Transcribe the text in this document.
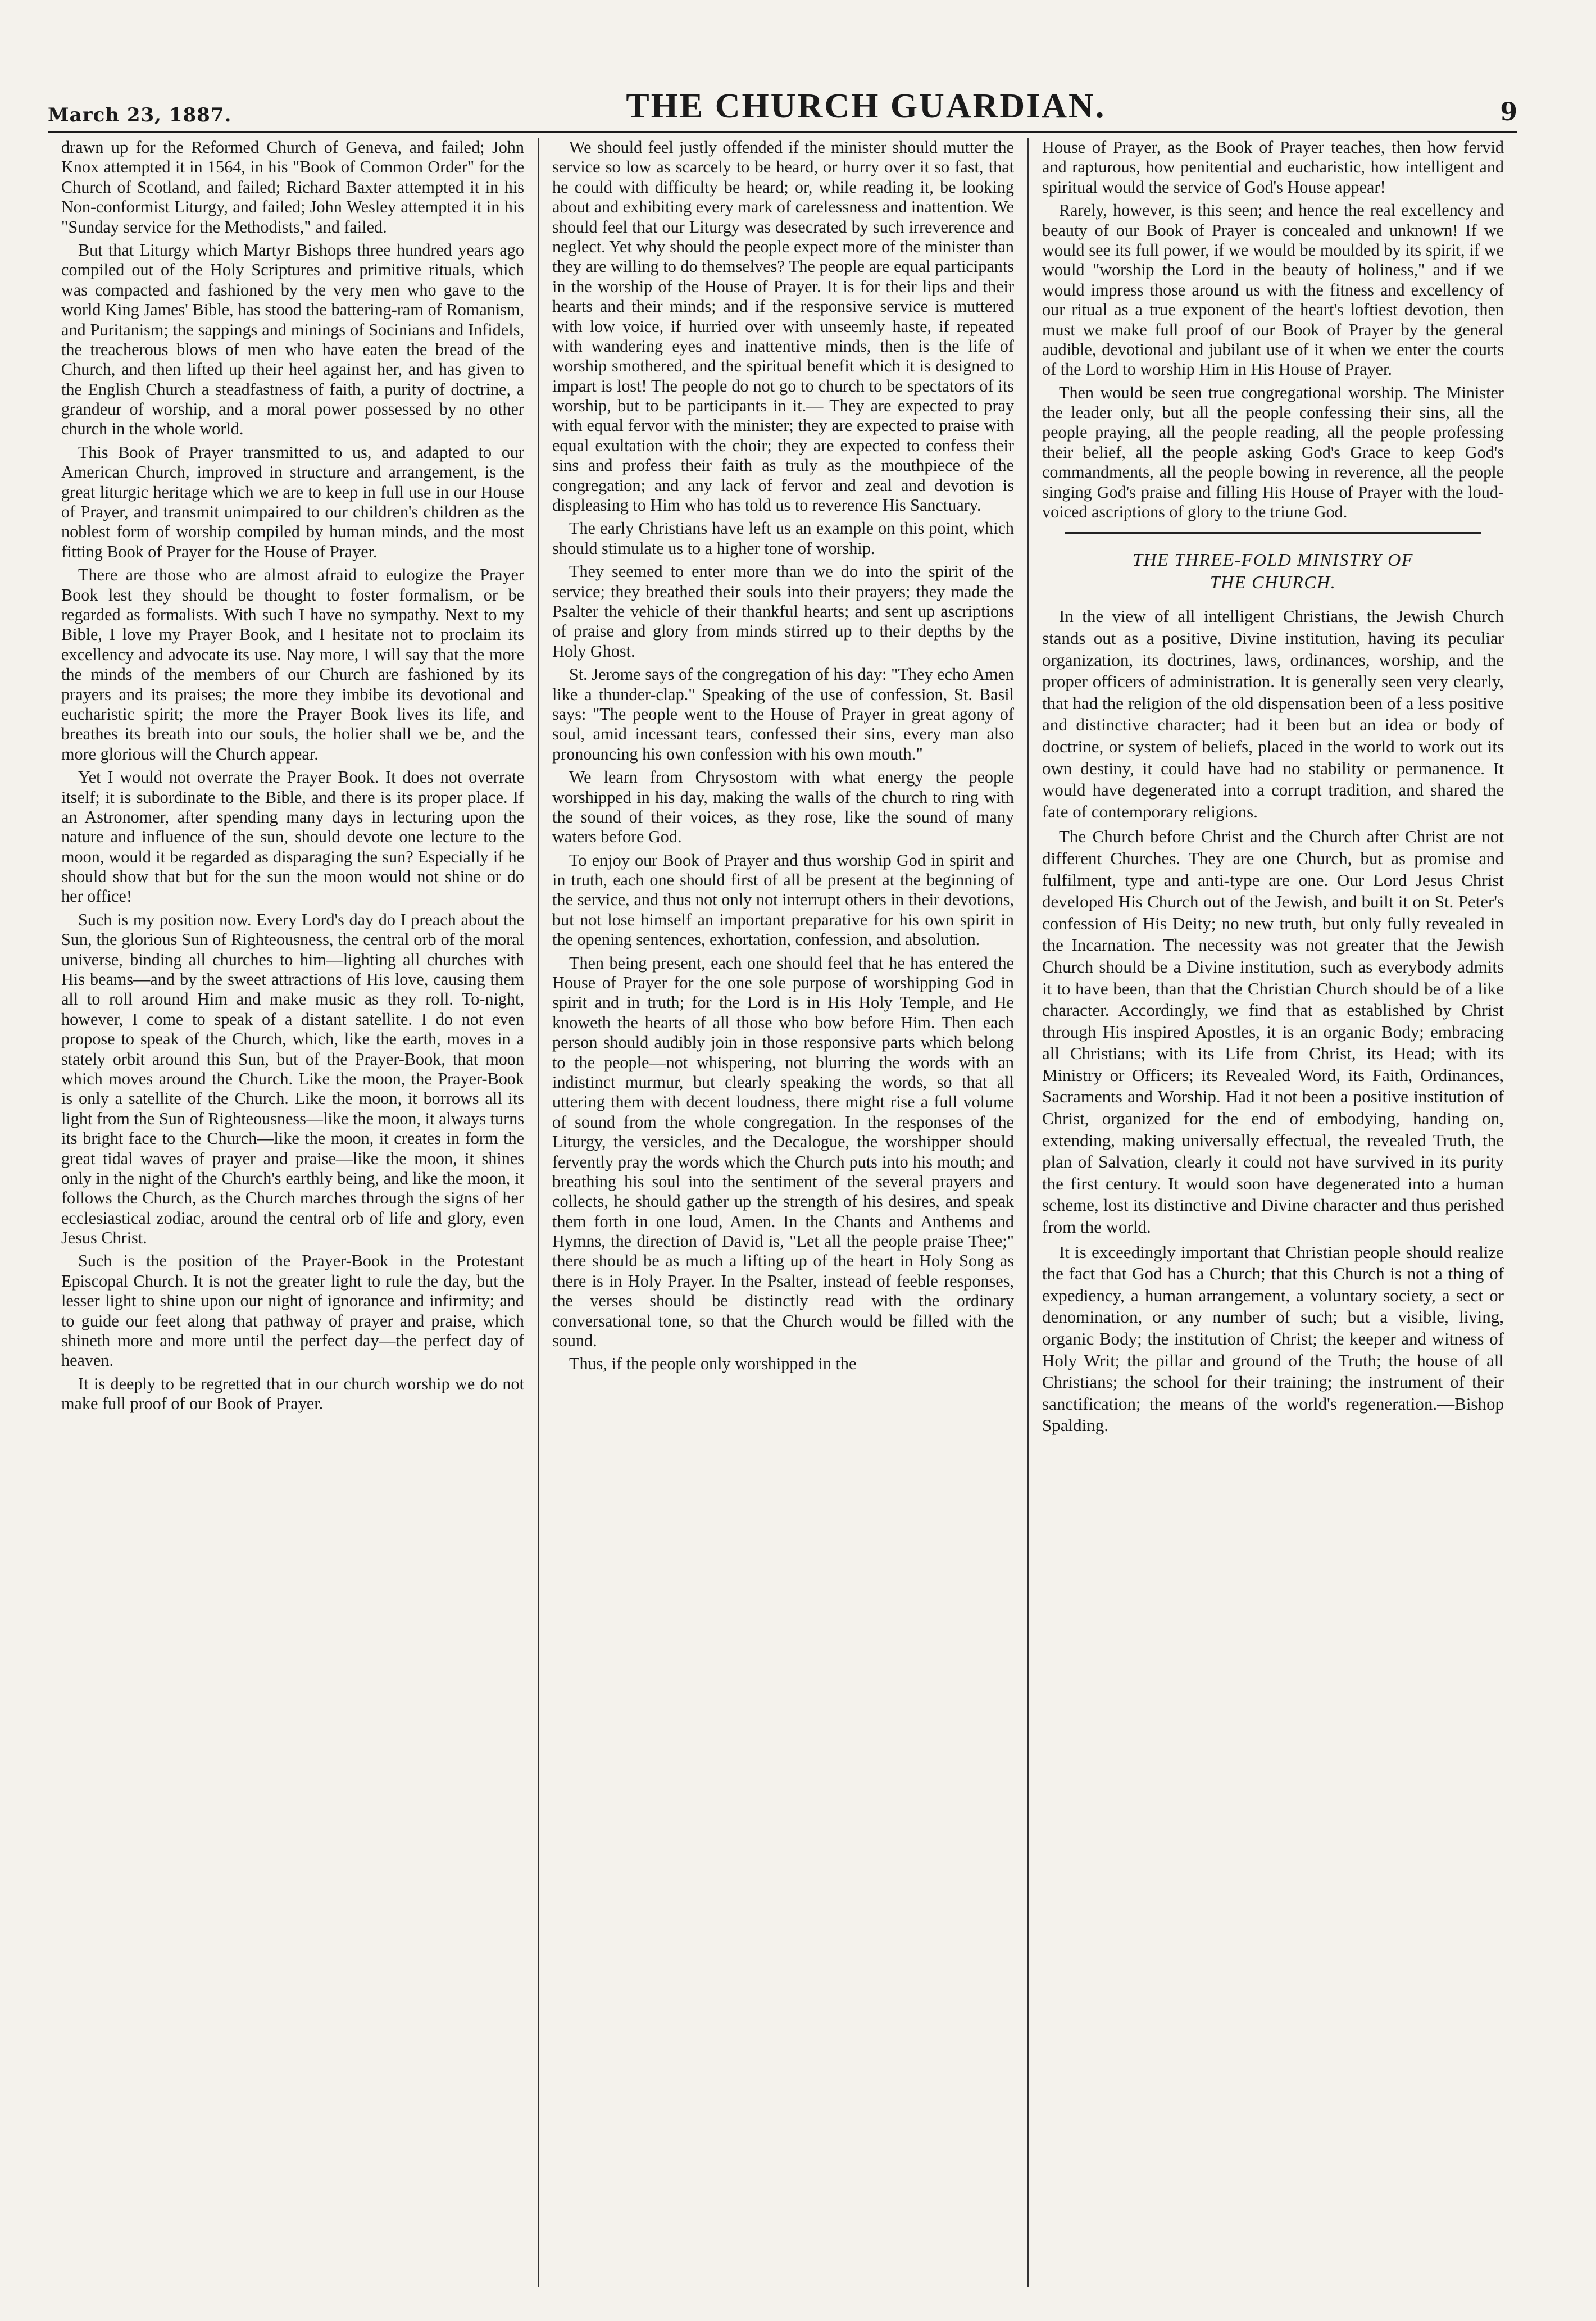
March 23, 1887.	THE CHURCH GUARDIAN.	9

drawn up for the Reformed Church of Geneva, and failed; John Knox attempted it in 1564, in his "Book of Common Order" for the Church of Scotland, and failed; Richard Baxter attempted it in his Non-conformist Liturgy, and failed; John Wesley attempted it in his "Sunday service for the Methodists," and failed.

But that Liturgy which Martyr Bishops three hundred years ago compiled out of the Holy Scriptures and primitive rituals, which was compacted and fashioned by the very men who gave to the world King James' Bible, has stood the battering-ram of Romanism, and Puritanism; the sappings and minings of Socinians and Infidels, the treacherous blows of men who have eaten the bread of the Church, and then lifted up their heel against her, and has given to the English Church a steadfastness of faith, a purity of doctrine, a grandeur of worship, and a moral power possessed by no other church in the whole world.

This Book of Prayer transmitted to us, and adapted to our American Church, improved in structure and arrangement, is the great liturgic heritage which we are to keep in full use in our House of Prayer, and transmit unimpaired to our children's children as the noblest form of worship compiled by human minds, and the most fitting Book of Prayer for the House of Prayer.

There are those who are almost afraid to eulogize the Prayer Book lest they should be thought to foster formalism, or be regarded as formalists. With such I have no sympathy. Next to my Bible, I love my Prayer Book, and I hesitate not to proclaim its excellency and advocate its use. Nay more, I will say that the more the minds of the members of our Church are fashioned by its prayers and its praises; the more they imbibe its devotional and eucharistic spirit; the more the Prayer Book lives its life, and breathes its breath into our souls, the holier shall we be, and the more glorious will the Church appear.

Yet I would not overrate the Prayer Book. It does not overrate itself; it is subordinate to the Bible, and there is its proper place. If an Astronomer, after spending many days in lecturing upon the nature and influence of the sun, should devote one lecture to the moon, would it be regarded as disparaging the sun? Especially if he should show that but for the sun the moon would not shine or do her office!

Such is my position now. Every Lord's day do I preach about the Sun, the glorious Sun of Righteousness, the central orb of the moral universe, binding all churches to him—lighting all churches with His beams—and by the sweet attractions of His love, causing them all to roll around Him and make music as they roll. To-night, however, I come to speak of a distant satellite. I do not even propose to speak of the Church, which, like the earth, moves in a stately orbit around this Sun, but of the Prayer-Book, that moon which moves around the Church. Like the moon, the Prayer-Book is only a satellite of the Church. Like the moon, it borrows all its light from the Sun of Righteousness—like the moon, it always turns its bright face to the Church—like the moon, it creates in form the great tidal waves of prayer and praise—like the moon, it shines only in the night of the Church's earthly being, and like the moon, it follows the Church, as the Church marches through the signs of her ecclesiastical zodiac, around the central orb of life and glory, even Jesus Christ.

Such is the position of the Prayer-Book in the Protestant Episcopal Church. It is not the greater light to rule the day, but the lesser light to shine upon our night of ignorance and infirmity; and to guide our feet along that pathway of prayer and praise, which shineth more and more until the perfect day—the perfect day of heaven.

It is deeply to be regretted that in our church worship we do not make full proof of our Book of Prayer.

We should feel justly offended if the minister should mutter the service so low as scarcely to be heard, or hurry over it so fast, that he could with difficulty be heard; or, while reading it, be looking about and exhibiting every mark of carelessness and inattention. We should feel that our Liturgy was desecrated by such irreverence and neglect. Yet why should the people expect more of the minister than they are willing to do themselves? The people are equal participants in the worship of the House of Prayer. It is for their lips and their hearts and their minds; and if the responsive service is muttered with low voice, if hurried over with unseemly haste, if repeated with wandering eyes and inattentive minds, then is the life of worship smothered, and the spiritual benefit which it is designed to impart is lost! The people do not go to church to be spectators of its worship, but to be participants in it.— They are expected to pray with equal fervor with the minister; they are expected to praise with equal exultation with the choir; they are expected to confess their sins and profess their faith as truly as the mouthpiece of the congregation; and any lack of fervor and zeal and devotion is displeasing to Him who has told us to reverence His Sanctuary.

The early Christians have left us an example on this point, which should stimulate us to a higher tone of worship.

They seemed to enter more than we do into the spirit of the service; they breathed their souls into their prayers; they made the Psalter the vehicle of their thankful hearts; and sent up ascriptions of praise and glory from minds stirred up to their depths by the Holy Ghost.

St. Jerome says of the congregation of his day: "They echo Amen like a thunder-clap." Speaking of the use of confession, St. Basil says: "The people went to the House of Prayer in great agony of soul, amid incessant tears, confessed their sins, every man also pronouncing his own confession with his own mouth."

We learn from Chrysostom with what energy the people worshipped in his day, making the walls of the church to ring with the sound of their voices, as they rose, like the sound of many waters before God.

To enjoy our Book of Prayer and thus worship God in spirit and in truth, each one should first of all be present at the beginning of the service, and thus not only not interrupt others in their devotions, but not lose himself an important preparative for his own spirit in the opening sentences, exhortation, confession, and absolution.

Then being present, each one should feel that he has entered the House of Prayer for the one sole purpose of worshipping God in spirit and in truth; for the Lord is in His Holy Temple, and He knoweth the hearts of all those who bow before Him. Then each person should audibly join in those responsive parts which belong to the people—not whispering, not blurring the words with an indistinct murmur, but clearly speaking the words, so that all uttering them with decent loudness, there might rise a full volume of sound from the whole congregation. In the responses of the Liturgy, the versicles, and the Decalogue, the worshipper should fervently pray the words which the Church puts into his mouth; and breathing his soul into the sentiment of the several prayers and collects, he should gather up the strength of his desires, and speak them forth in one loud, Amen. In the Chants and Anthems and Hymns, the direction of David is, "Let all the people praise Thee;" there should be as much a lifting up of the heart in Holy Song as there is in Holy Prayer. In the Psalter, instead of feeble responses, the verses should be distinctly read with the ordinary conversational tone, so that the Church would be filled with the sound.

Thus, if the people only worshipped in the

House of Prayer, as the Book of Prayer teaches, then how fervid and rapturous, how penitential and eucharistic, how intelligent and spiritual would the service of God's House appear!

Rarely, however, is this seen; and hence the real excellency and beauty of our Book of Prayer is concealed and unknown! If we would see its full power, if we would be moulded by its spirit, if we would "worship the Lord in the beauty of holiness," and if we would impress those around us with the fitness and excellency of our ritual as a true exponent of the heart's loftiest devotion, then must we make full proof of our Book of Prayer by the general audible, devotional and jubilant use of it when we enter the courts of the Lord to worship Him in His House of Prayer.

Then would be seen true congregational worship. The Minister the leader only, but all the people confessing their sins, all the people praying, all the people reading, all the people professing their belief, all the people asking God's Grace to keep God's commandments, all the people bowing in reverence, all the people singing God's praise and filling His House of Prayer with the loud-voiced ascriptions of glory to the triune God.

THE THREE-FOLD MINISTRY OF
THE CHURCH.

In the view of all intelligent Christians, the Jewish Church stands out as a positive, Divine institution, having its peculiar organization, its doctrines, laws, ordinances, worship, and the proper officers of administration. It is generally seen very clearly, that had the religion of the old dispensation been of a less positive and distinctive character; had it been but an idea or body of doctrine, or system of beliefs, placed in the world to work out its own destiny, it could have had no stability or permanence. It would have degenerated into a corrupt tradition, and shared the fate of contemporary religions.

The Church before Christ and the Church after Christ are not different Churches. They are one Church, but as promise and fulfilment, type and anti-type are one. Our Lord Jesus Christ developed His Church out of the Jewish, and built it on St. Peter's confession of His Deity; no new truth, but only fully revealed in the Incarnation. The necessity was not greater that the Jewish Church should be a Divine institution, such as everybody admits it to have been, than that the Christian Church should be of a like character. Accordingly, we find that as established by Christ through His inspired Apostles, it is an organic Body; embracing all Christians; with its Life from Christ, its Head; with its Ministry or Officers; its Revealed Word, its Faith, Ordinances, Sacraments and Worship. Had it not been a positive institution of Christ, organized for the end of embodying, handing on, extending, making universally effectual, the revealed Truth, the plan of Salvation, clearly it could not have survived in its purity the first century. It would soon have degenerated into a human scheme, lost its distinctive and Divine character and thus perished from the world.

It is exceedingly important that Christian people should realize the fact that God has a Church; that this Church is not a thing of expediency, a human arrangement, a voluntary society, a sect or denomination, or any number of such; but a visible, living, organic Body; the institution of Christ; the keeper and witness of Holy Writ; the pillar and ground of the Truth; the house of all Christians; the school for their training; the instrument of their sanctification; the means of the world's regeneration.—Bishop Spalding.
